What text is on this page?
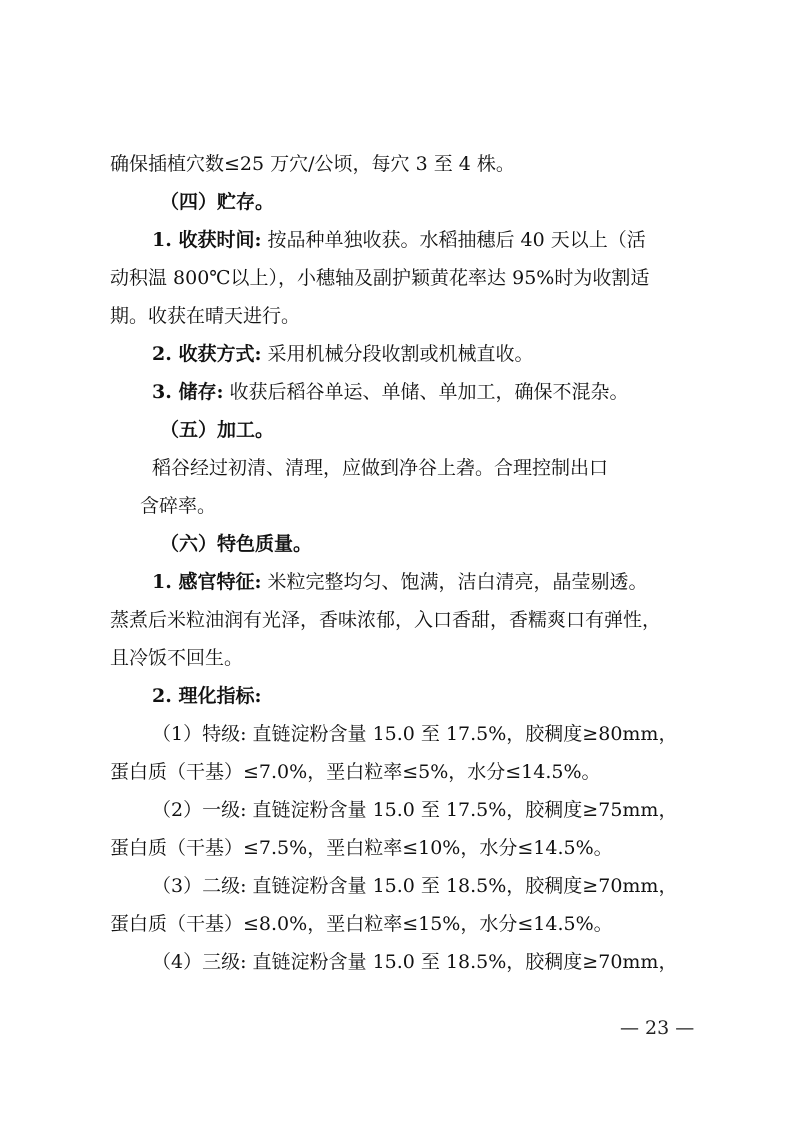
确保插植穴数≤25 万穴/公顷，每穴 3 至 4 株。
（四）贮存。
1. 收获时间: 按品种单独收获。水稻抽穗后 40 天以上（活
动积温 800℃以上），小穗轴及副护颖黄花率达 95%时为收割适
期。收获在晴天进行。
2. 收获方式: 采用机械分段收割或机械直收。
3. 储存: 收获后稻谷单运、单储、单加工，确保不混杂。
（五）加工。
稻谷经过初清、清理，应做到净谷上砻。合理控制出口
含碎率。
（六）特色质量。
1. 感官特征: 米粒完整均匀、饱满，洁白清亮，晶莹剔透。
蒸煮后米粒油润有光泽，香味浓郁，入口香甜，香糯爽口有弹性，
且冷饭不回生。
2. 理化指标:
（1）特级: 直链淀粉含量 15.0 至 17.5%，胶稠度≥80mm，
蛋白质（干基）≤7.0%，垩白粒率≤5%，水分≤14.5%。
（2）一级: 直链淀粉含量 15.0 至 17.5%，胶稠度≥75mm，
蛋白质（干基）≤7.5%，垩白粒率≤10%，水分≤14.5%。
（3）二级: 直链淀粉含量 15.0 至 18.5%，胶稠度≥70mm，
蛋白质（干基）≤8.0%，垩白粒率≤15%，水分≤14.5%。
（4）三级: 直链淀粉含量 15.0 至 18.5%，胶稠度≥70mm，
— 23 —
